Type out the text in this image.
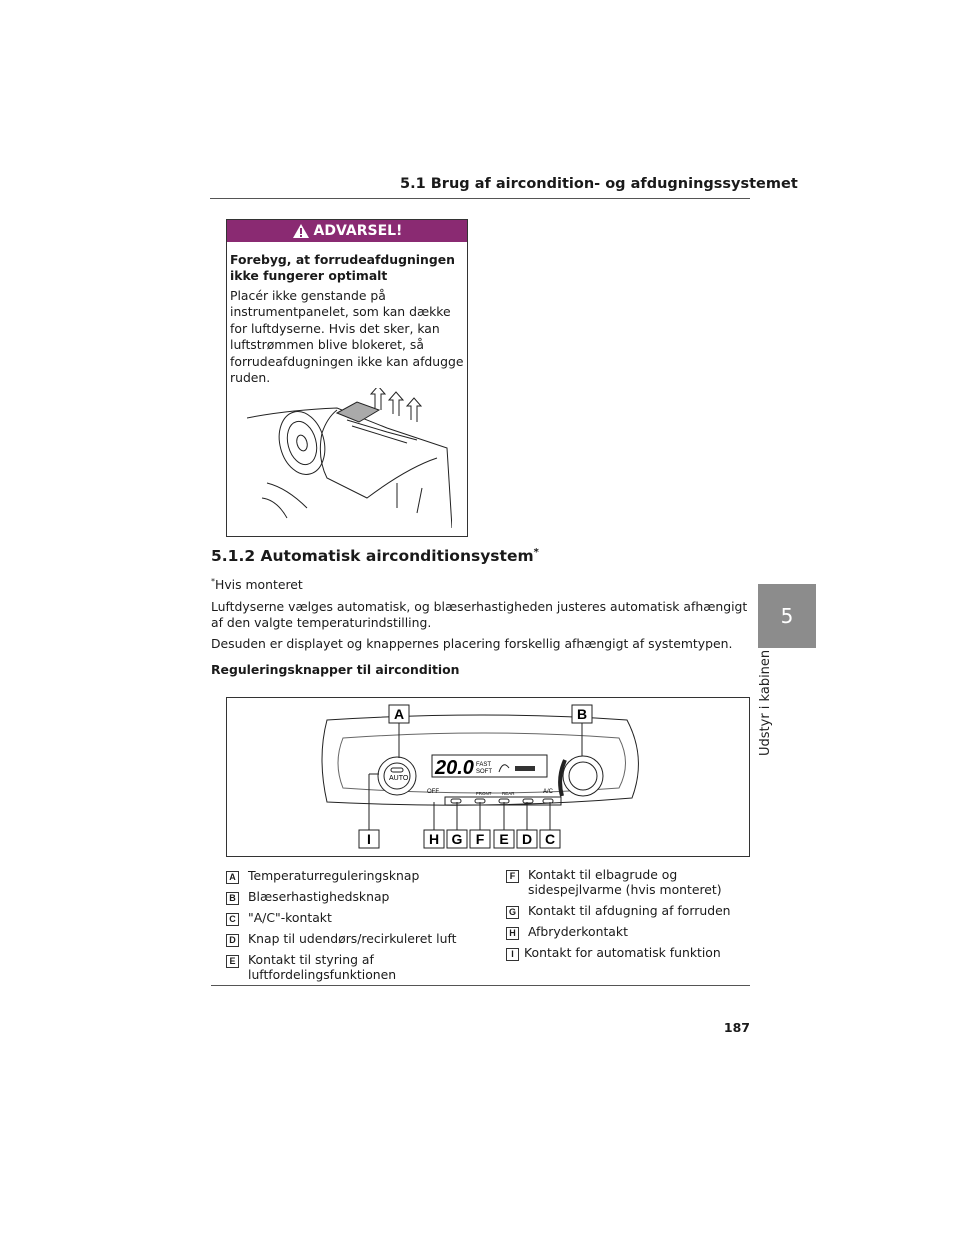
5.1 Brug af aircondition- og afdugningssystemet
5
Udstyr i kabinen
ADVARSEL!
Forebyg, at forrudeafdugningen ikke fungerer optimalt
Placér ikke genstande på instrumentpanelet, som kan dække for luftdyserne. Hvis det sker, kan luftstrømmen blive blokeret, så forrudeafdugningen ikke kan afdugge ruden.
5.1.2 Automatisk airconditionsystem*
*Hvis monteret
Luftdyserne vælges automatisk, og blæserhastigheden justeres automatisk afhængigt af den valgte temperaturindstilling.
Desuden er displayet og knappernes placering forskellig afhængigt af systemtypen.
Reguleringsknapper til aircondition
20.0 FAST
SOFT
AUTO
OFF	FRONT REAR	A/C
A	B
I	H G F E D C
A Temperaturreguleringsknap
B Blæserhastighedsknap
C "A/C"-kontakt
D Knap til udendørs/recirkuleret luft
E Kontakt til styring af luftfordelingsfunktionen
F	Kontakt til elbagrude og sidespejlvarme (hvis monteret)
G Kontakt til afdugning af forruden
H Afbryderkontakt
I Kontakt for automatisk funktion
187
